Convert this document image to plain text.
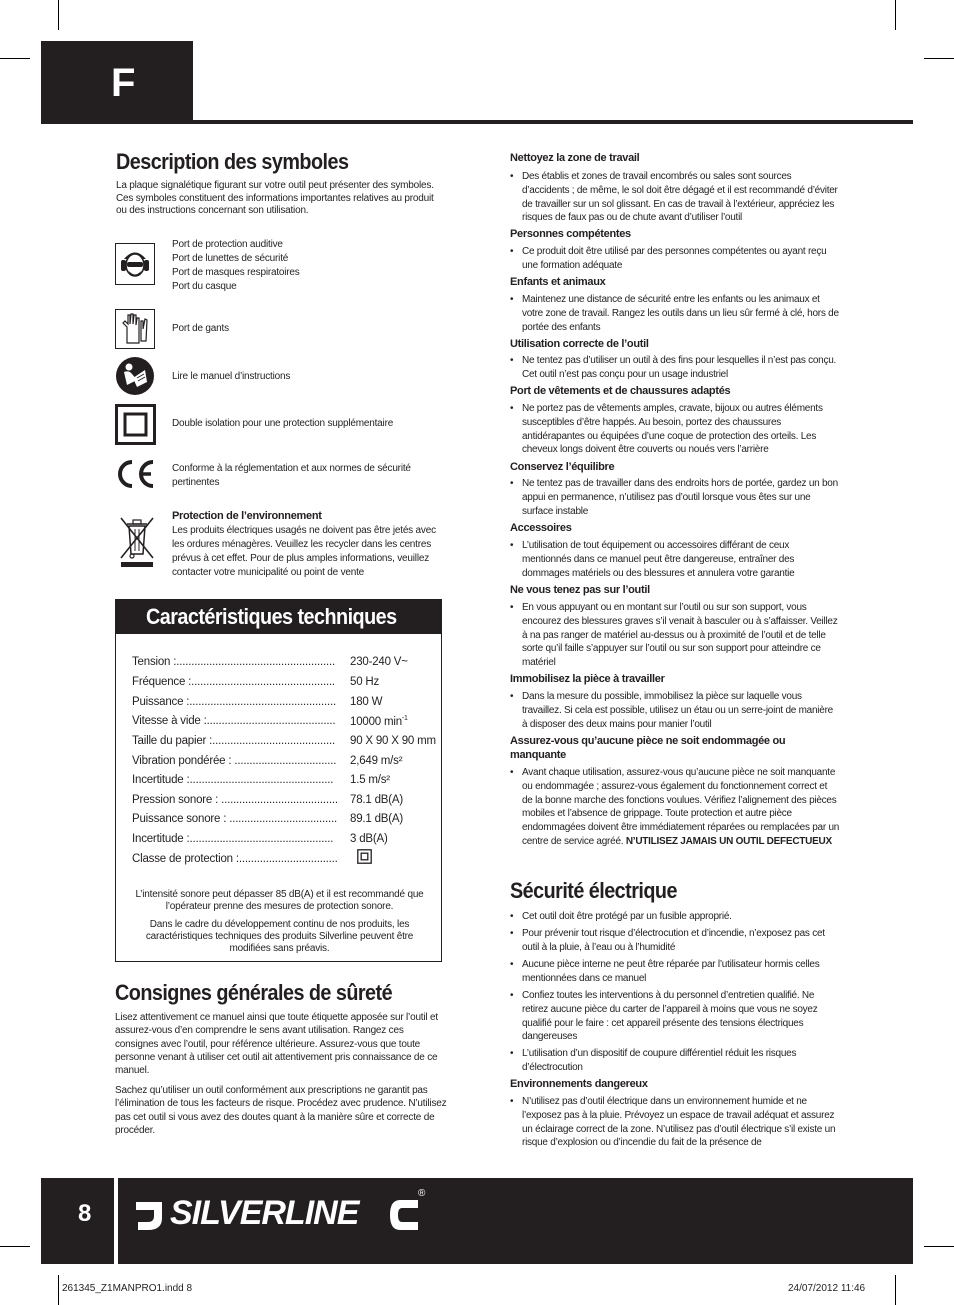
F
Description des symboles
La plaque signalétique figurant sur votre outil peut présenter des symboles. Ces symboles constituent des informations importantes relatives au produit ou des instructions concernant son utilisation.
Port de protection auditive
Port de lunettes de sécurité
Port de masques respiratoires
Port du casque
Port de gants
Lire le manuel d’instructions
Double isolation pour une protection supplémentaire
Conforme à la réglementation et aux normes de sécurité pertinentes
Protection de l’environnement
Les produits électriques usagés ne doivent pas être jetés avec les ordures ménagères. Veuillez les recycler dans les centres prévus à cet effet. Pour de plus amples informations, veuillez contacter votre municipalité ou point de vente
Caractéristiques techniques
Tension :..................................................... 230-240 V~
Fréquence :................................................ 50 Hz
Puissance :................................................. 180 W
Vitesse à vide :........................................... 10000 $\min^{-1}$
Taille du papier :......................................... 90 X 90 X 90 mm
Vibration pondérée : .................................. 2,649 m/s²
Incertitude :................................................ 1.5 m/s²
Pression sonore : ....................................... 78.1 dB(A)
Puissance sonore : .................................... 89.1 dB(A)
Incertitude :................................................ 3 dB(A)
Classe de protection :.................................
L’intensité sonore peut dépasser 85 dB(A) et il est recommandé que l’opérateur prenne des mesures de protection sonore.
Dans le cadre du développement continu de nos produits, les caractéristiques techniques des produits Silverline peuvent être modifiées sans préavis.
Consignes générales de sûreté
Lisez attentivement ce manuel ainsi que toute étiquette apposée sur l’outil et assurez-vous d’en comprendre le sens avant utilisation. Rangez ces consignes avec l’outil, pour référence ultérieure. Assurez-vous que toute personne venant à utiliser cet outil ait attentivement pris connaissance de ce manuel.
Sachez qu’utiliser un outil conformément aux prescriptions ne garantit pas l’élimination de tous les facteurs de risque. Procédez avec prudence. N’utilisez pas cet outil si vous avez des doutes quant à la manière sûre et correcte de procéder.
Nettoyez la zone de travail
• Des établis et zones de travail encombrés ou sales sont sources d’accidents ; de même, le sol doit être dégagé et il est recommandé d’éviter de travailler sur un sol glissant. En cas de travail à l’extérieur, appréciez les risques de faux pas ou de chute avant d’utiliser l’outil
Personnes compétentes
• Ce produit doit être utilisé par des personnes compétentes ou ayant reçu une formation adéquate
Enfants et animaux
• Maintenez une distance de sécurité entre les enfants ou les animaux et votre zone de travail. Rangez les outils dans un lieu sûr fermé à clé, hors de portée des enfants
Utilisation correcte de l’outil
• Ne tentez pas d’utiliser un outil à des fins pour lesquelles il n’est pas conçu. Cet outil n’est pas conçu pour un usage industriel
Port de vêtements et de chaussures adaptés
• Ne portez pas de vêtements amples, cravate, bijoux ou autres éléments susceptibles d’être happés. Au besoin, portez des chaussures antidérapantes ou équipées d’une coque de protection des orteils. Les cheveux longs doivent être couverts ou noués vers l’arrière
Conservez l’équilibre
• Ne tentez pas de travailler dans des endroits hors de portée, gardez un bon appui en permanence, n’utilisez pas d’outil lorsque vous êtes sur une surface instable
Accessoires
• L’utilisation de tout équipement ou accessoires différant de ceux mentionnés dans ce manuel peut être dangereuse, entraîner des dommages matériels ou des blessures et annulera votre garantie
Ne vous tenez pas sur l’outil
• En vous appuyant ou en montant sur l’outil ou sur son support, vous encourez des blessures graves s’il venait à basculer ou à s’affaisser. Veillez à na pas ranger de matériel au-dessus ou à proximité de l’outil et de telle sorte qu’il faille s’appuyer sur l’outil ou sur son support pour atteindre ce matériel
Immobilisez la pièce à travailler
• Dans la mesure du possible, immobilisez la pièce sur laquelle vous travaillez. Si cela est possible, utilisez un étau ou un serre-joint de manière à disposer des deux mains pour manier l’outil
Assurez-vous qu’aucune pièce ne soit endommagée ou
manquante
• Avant chaque utilisation, assurez-vous qu’aucune pièce ne soit manquante ou endommagée ; assurez-vous également du fonctionnement correct et de la bonne marche des fonctions voulues. Vérifiez l’alignement des pièces mobiles et l’absence de grippage. Toute protection et autre pièce endommagées doivent être immédiatement réparées ou remplacées par un centre de service agréé. N’UTILISEZ JAMAIS UN OUTIL DEFECTUEUX
Sécurité électrique
• Cet outil doit être protégé par un fusible approprié.
• Pour prévenir tout risque d’électrocution et d’incendie, n’exposez pas cet outil à la pluie, à l’eau ou à l’humidité
• Aucune pièce interne ne peut être réparée par l’utilisateur hormis celles mentionnées dans ce manuel
• Confiez toutes les interventions à du personnel d’entretien qualifié. Ne retirez aucune pièce du carter de l’appareil à moins que vous ne soyez qualifié pour le faire : cet appareil présente des tensions électriques dangereuses
• L’utilisation d’un dispositif de coupure différentiel réduit les risques d’électrocution
Environnements dangereux
• N’utilisez pas d’outil électrique dans un environnement humide et ne l’exposez pas à la pluie. Prévoyez un espace de travail adéquat et assurez un éclairage correct de la zone. N’utilisez pas d’outil électrique s’il existe un risque d’explosion ou d’incendie du fait de la présence de
8 SILVERLINE
®
261345_Z1MANPRO1.indd 8	24/07/2012 11:46
